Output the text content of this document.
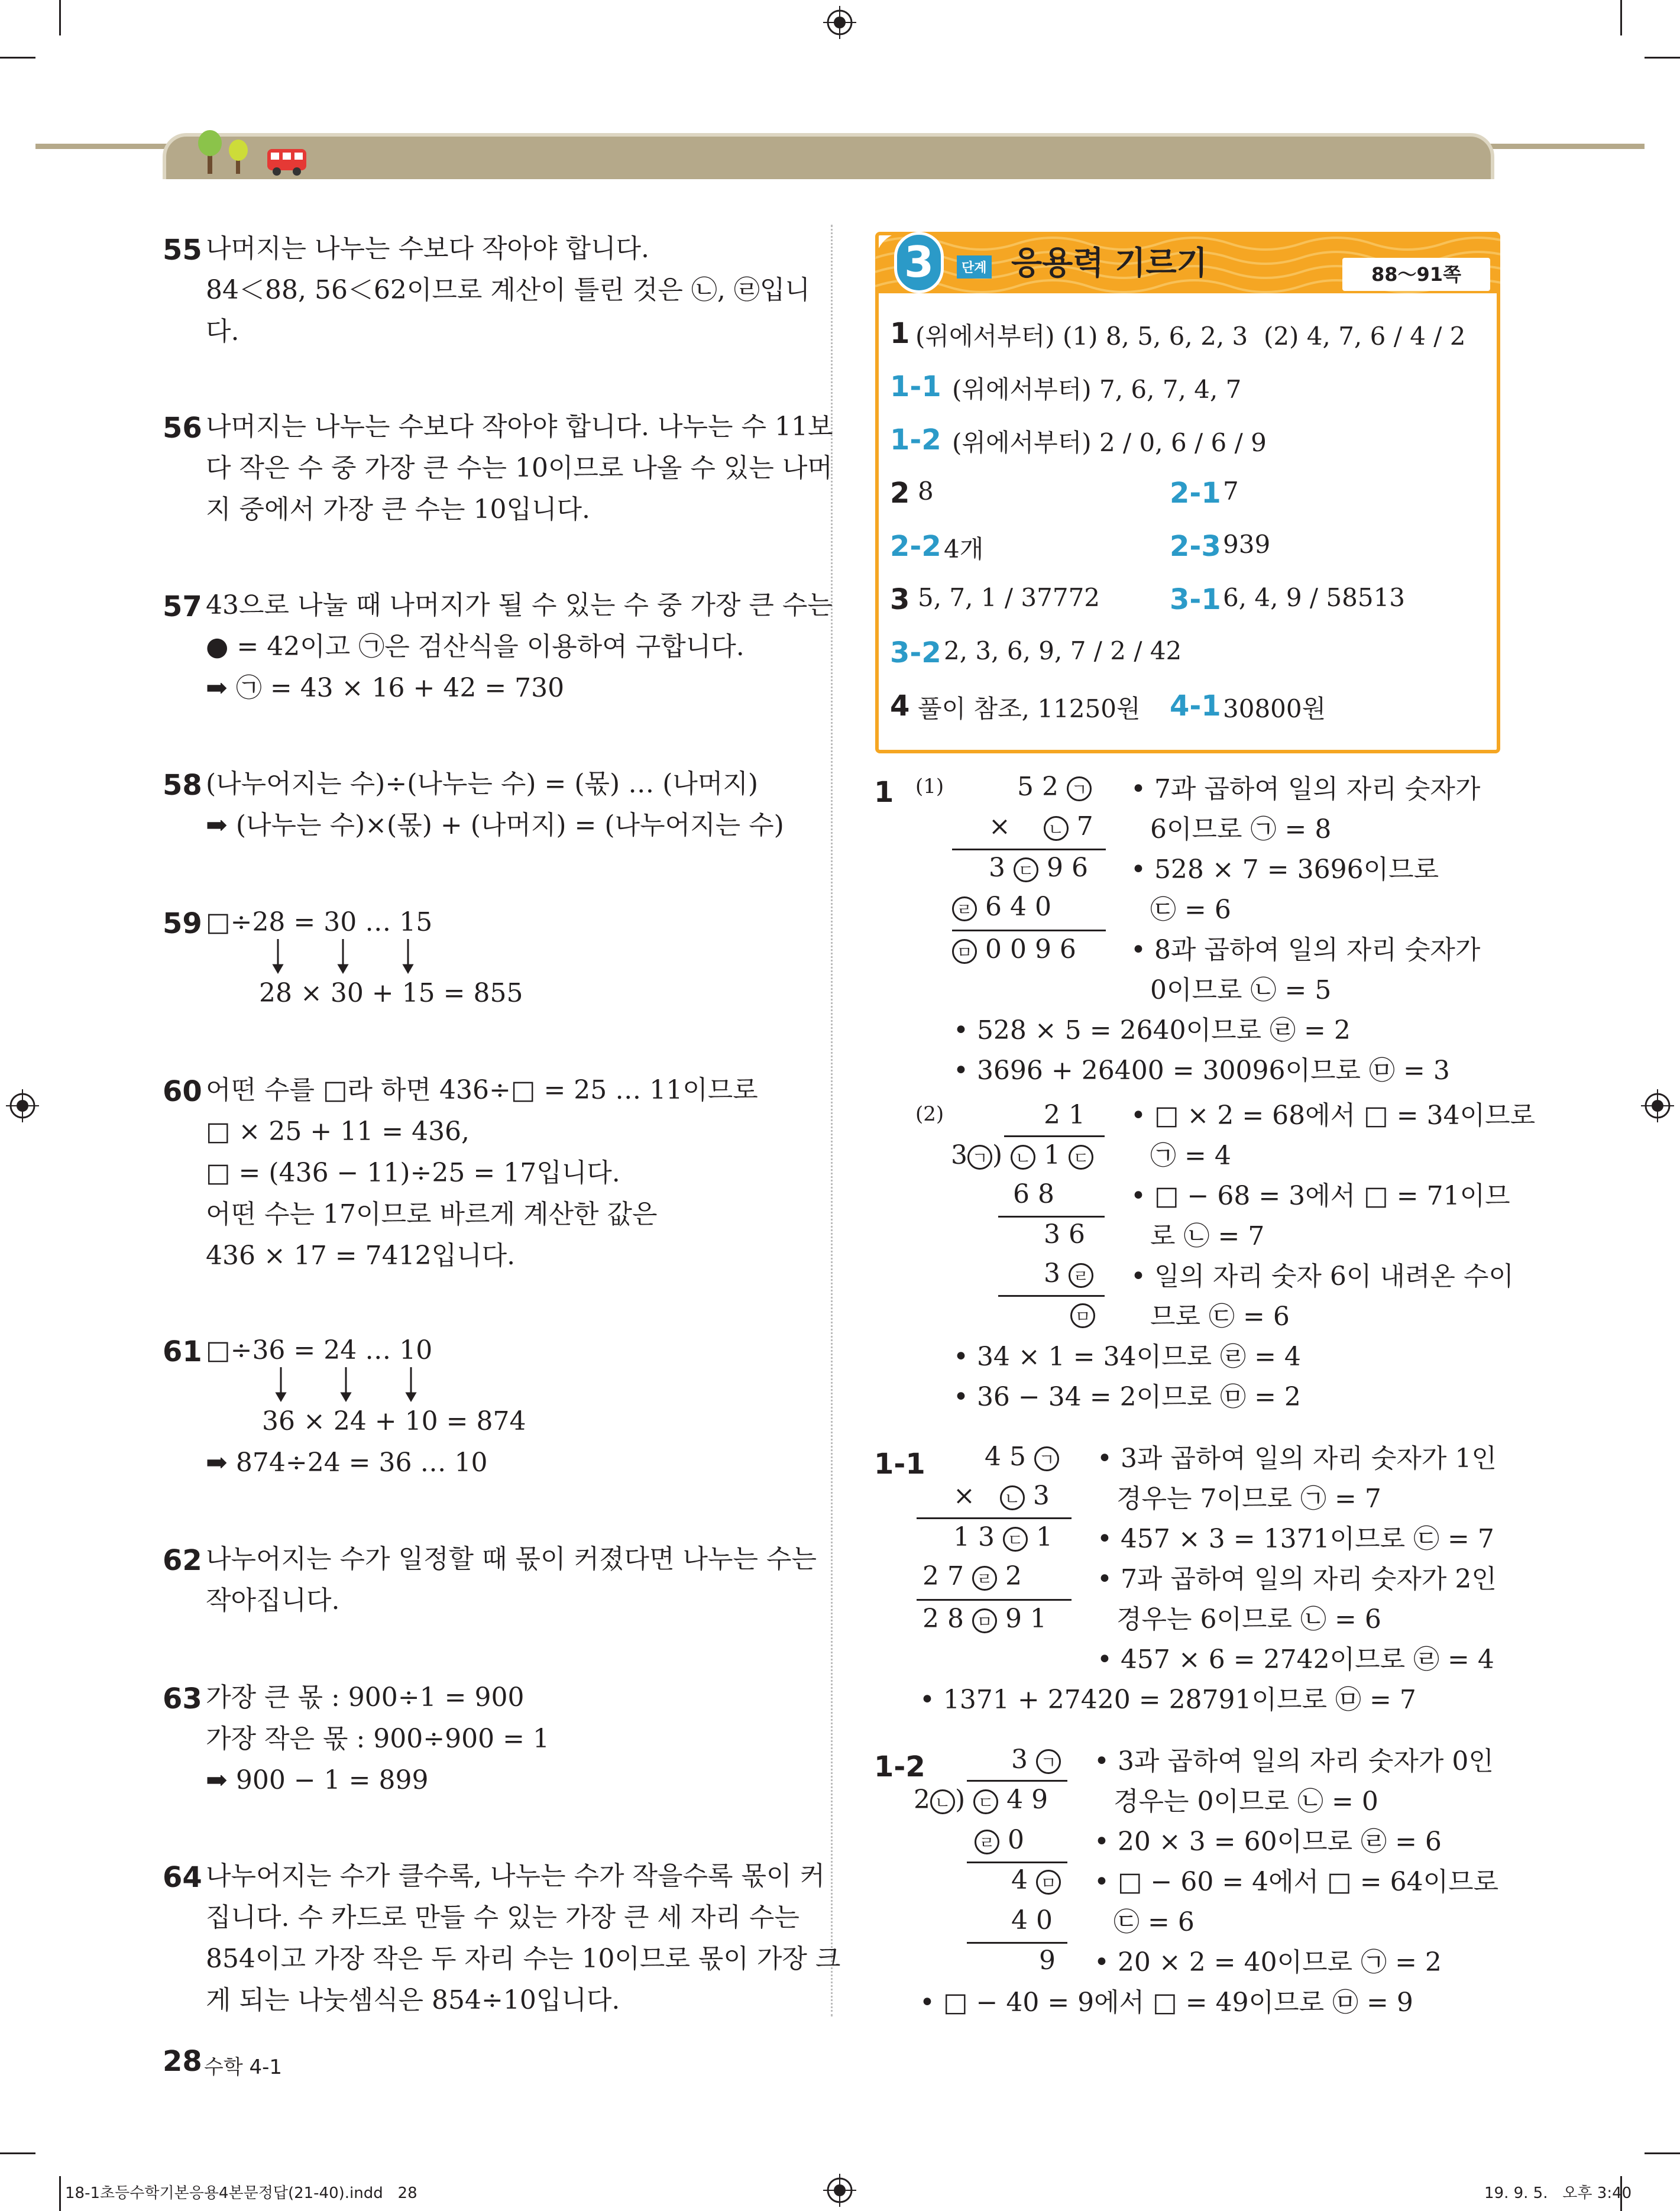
55 나머지는 나누는 수보다 작아야 합니다.
84＜88, 56＜62이므로 계산이 틀린 것은 ㉡, ㉣입니
다.
56 나머지는 나누는 수보다 작아야 합니다. 나누는 수 11보
다 작은 수 중 가장 큰 수는 10이므로 나올 수 있는 나머
지 중에서 가장 큰 수는 10입니다.
57 43으로 나눌 때 나머지가 될 수 있는 수 중 가장 큰 수는
● = 42이고 ㉠은 검산식을 이용하여 구합니다.
➡ ㉠ = 43 × 16 + 42 = 730
58 (나누어지는 수)÷(나누는 수) = (몫) … (나머지)
➡ (나누는 수)×(몫) + (나머지) = (나누어지는 수)
59 □÷28 = 30 … 15
28 × 30 + 15 = 855
60 어떤 수를 □라 하면 436÷□ = 25 … 11이므로
□ × 25 + 11 = 436,
□ = (436 − 11)÷25 = 17입니다.
어떤 수는 17이므로 바르게 계산한 값은
436 × 17 = 7412입니다.
61 □÷36 = 24 … 10
36 × 24 + 10 = 874
➡ 874÷24 = 36 … 10
62 나누어지는 수가 일정할 때 몫이 커졌다면 나누는 수는
작아집니다.
63 가장 큰 몫 : 900÷1 = 900
가장 작은 몫 : 900÷900 = 1
➡ 900 − 1 = 899
64 나누어지는 수가 클수록, 나누는 수가 작을수록 몫이 커
집니다. 수 카드로 만들 수 있는 가장 큰 세 자리 수는
854이고 가장 작은 두 자리 수는 10이므로 몫이 가장 크
게 되는 나눗셈식은 854÷10입니다.
3	단계 응용력 기르기	88～91쪽
1 (위에서부터) (1) 8, 5, 6, 2, 3  (2) 4, 7, 6 / 4 / 2
1-1 (위에서부터) 7, 6, 7, 4, 7
1-2 (위에서부터) 2 / 0, 6 / 6 / 9
2 8	2-1 7
2-2 4개	2-3 939
3 5, 7, 1 / 37772 3-1 6, 4, 9 / 58513
3-2 2, 3, 6, 9, 7 / 2 / 42
4 풀이 참조, 11250원 4-1 30800원
1 (1)	5 2 ㄱ
×    ㄴ 7
3 ㄷ 9 6
ㄹ 6 4 0
ㅁ 0 0 9 6
• 7과 곱하여 일의 자리 숫자가
6이므로 ㉠ = 8
• 528 × 7 = 3696이므로
㉢ = 6
• 8과 곱하여 일의 자리 숫자가
0이므로 ㉡ = 5
• 528 × 5 = 2640이므로 ㉣ = 2
• 3696 + 26400 = 30096이므로 ㉤ = 3
(2)	2 1
3 ㄱ ) ㄴ 1 ㄷ
6 8
3 6
3 ㄹ
ㅁ
• □ × 2 = 68에서 □ = 34이므로
㉠ = 4
• □ − 68 = 3에서 □ = 71이므
로 ㉡ = 7
• 일의 자리 숫자 6이 내려온 수이
므로 ㉢ = 6
• 34 × 1 = 34이므로 ㉣ = 4
• 36 − 34 = 2이므로 ㉤ = 2
1-1 4 5 ㄱ
×   ㄴ 3
1 3 ㄷ 1
2 7 ㄹ 2
2 8 ㅁ 9 1
• 3과 곱하여 일의 자리 숫자가 1인
경우는 7이므로 ㉠ = 7
• 457 × 3 = 1371이므로 ㉢ = 7
• 7과 곱하여 일의 자리 숫자가 2인
경우는 6이므로 ㉡ = 6
• 457 × 6 = 2742이므로 ㉣ = 4
• 1371 + 27420 = 28791이므로 ㉤ = 7
1-2	3 ㄱ
2 ㄴ ) ㄷ 4 9
ㄹ 0
4 ㅁ
4 0
9
• 3과 곱하여 일의 자리 숫자가 0인
경우는 0이므로 ㉡ = 0
• 20 × 3 = 60이므로 ㉣ = 6
• □ − 60 = 4에서 □ = 64이므로
㉢ = 6
• 20 × 2 = 40이므로 ㉠ = 2
• □ − 40 = 9에서 □ = 49이므로 ㉤ = 9
28 수학 4-1
18-1초등수학기본응용4본문정답(21-40).indd   28	19. 9. 5.   오후 3:40
